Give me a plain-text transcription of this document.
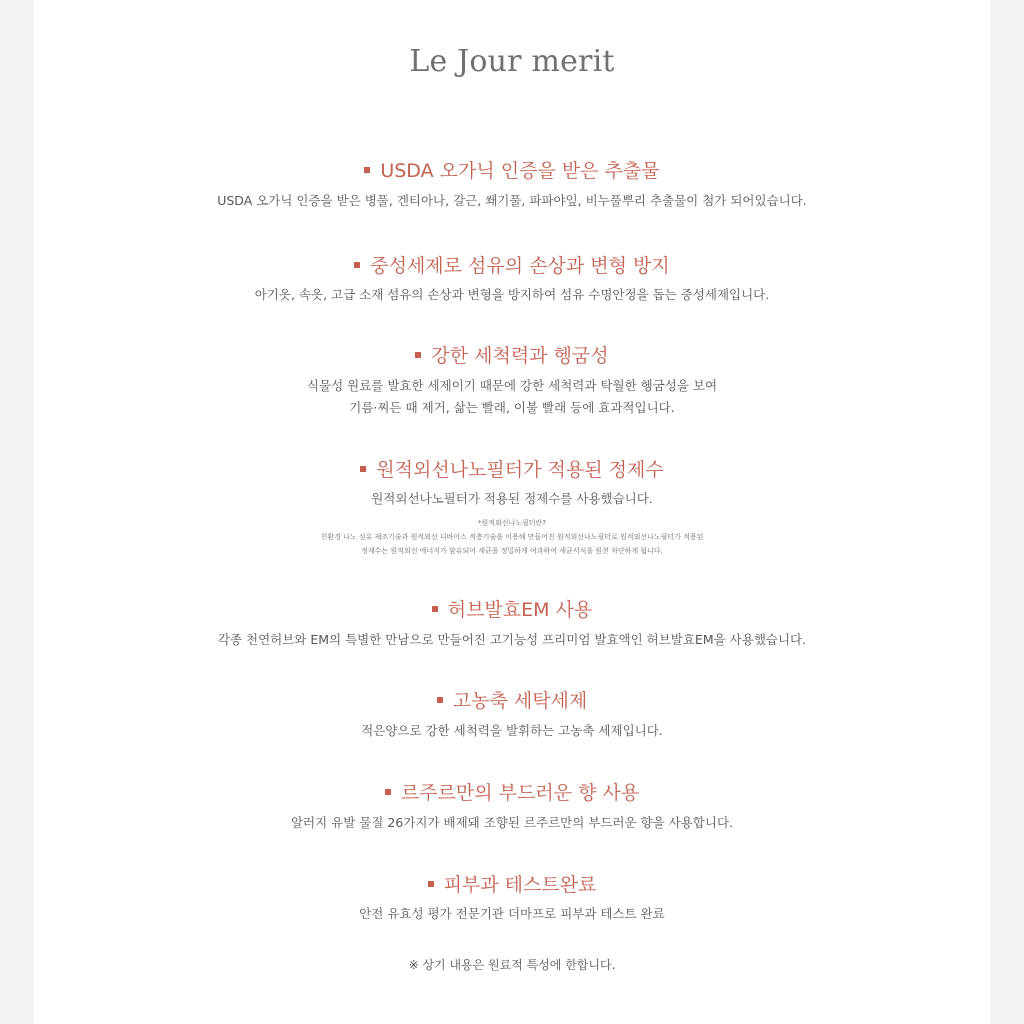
Le Jour merit
USDA 오가닉 인증을 받은 추출물
USDA 오가닉 인증을 받은 병풀, 겐티아나, 갈근, 쐐기풀, 파파야잎, 비누풀뿌리 추출물이 첨가 되어있습니다.
중성세제로 섬유의 손상과 변형 방지
아기옷, 속옷, 고급 소재 섬유의 손상과 변형을 방지하여 섬유 수명안정을 돕는 중성세제입니다.
강한 세척력과 헹굼성
식물성 원료를 발효한 세제이기 때문에 강한 세척력과 탁월한 헹굼성을 보여
기름·찌든 때 제거, 삶는 빨래, 이불 빨래 등에 효과적입니다.
원적외선나노필터가 적용된 정제수
원적외선나노필터가 적용된 정제수를 사용했습니다.
*원적외선나노필터란?
친환경 나노 섬유 제조기술과 원적외선 디바이스 적층기술을 이용해 만들어진 원적외선나노필터로 원적외선나노필터가 적용된
정제수는 원적외선 에너지가 함유되어 세균을 정밀하게 여과하여 세균서식을 원천 차단하게 됩니다.
허브발효EM 사용
각종 천연허브와 EM의 특별한 만남으로 만들어진 고기능성 프리미엄 발효액인 허브발효EM을 사용했습니다.
고농축 세탁세제
적은양으로 강한 세척력을 발휘하는 고농축 세제입니다.
르주르만의 부드러운 향 사용
알러지 유발 물질 26가지가 배제돼 조향된 르주르만의 부드러운 향을 사용합니다.
피부과 테스트완료
안전 유효성 평가 전문기관 더마프로 피부과 테스트 완료
※ 상기 내용은 원료적 특성에 한합니다.
